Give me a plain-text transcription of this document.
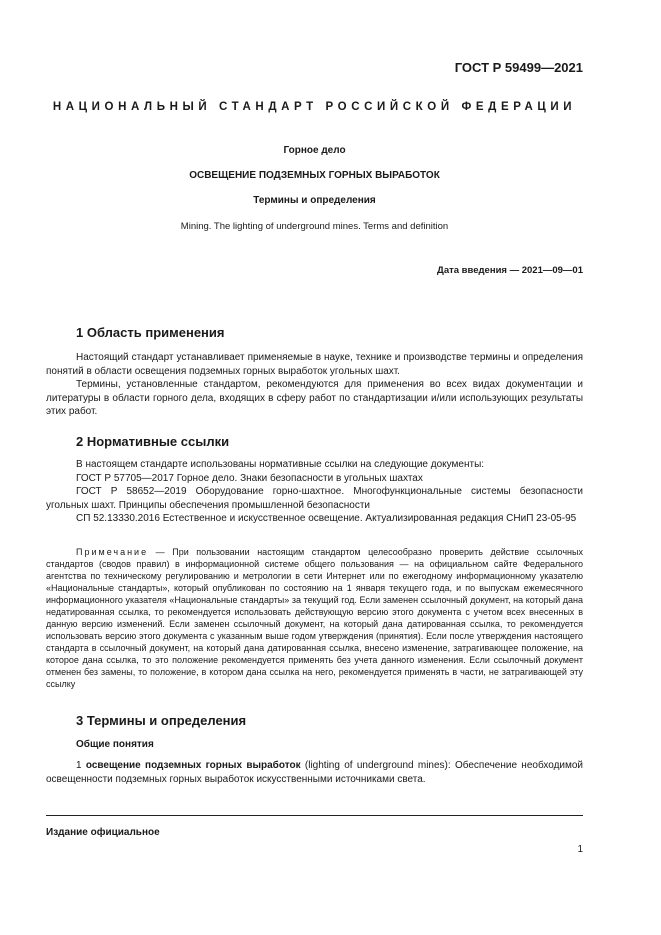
ГОСТ Р 59499—2021
НАЦИОНАЛЬНЫЙ СТАНДАРТ РОССИЙСКОЙ ФЕДЕРАЦИИ
Горное дело
ОСВЕЩЕНИЕ ПОДЗЕМНЫХ ГОРНЫХ ВЫРАБОТОК
Термины и определения
Mining. The lighting of underground mines. Terms and definition
Дата введения — 2021—09—01
1 Область применения

Настоящий стандарт устанавливает применяемые в науке, технике и производстве термины и определения понятий в области освещения подземных горных выработок угольных шахт.

Термины, установленные стандартом, рекомендуются для применения во всех видах документации и литературы в области горного дела, входящих в сферу работ по стандартизации и/или использующих результаты этих работ.

2 Нормативные ссылки

В настоящем стандарте использованы нормативные ссылки на следующие документы:

ГОСТ Р 57705—2017 Горное дело. Знаки безопасности в угольных шахтах

ГОСТ Р 58652—2019 Оборудование горно-шахтное. Многофункциональные системы безопасности угольных шахт. Принципы обеспечения промышленной безопасности

СП 52.13330.2016 Естественное и искусственное освещение. Актуализированная редакция СНиП 23-05-95

Примечание — При пользовании настоящим стандартом целесообразно проверить действие ссылочных стандартов (сводов правил) в информационной системе общего пользования — на официальном сайте Федерального агентства по техническому регулированию и метрологии в сети Интернет или по ежегодному информационному указателю «Национальные стандарты», который опубликован по состоянию на 1 января текущего года, и по выпускам ежемесячного информационного указателя «Национальные стандарты» за текущий год. Если заменен ссылочный документ, на который дана недатированная ссылка, то рекомендуется использовать действующую версию этого документа с учетом всех внесенных в данную версию изменений. Если заменен ссылочный документ, на который дана датированная ссылка, то рекомендуется использовать версию этого документа с указанным выше годом утверждения (принятия). Если после утверждения настоящего стандарта в ссылочный документ, на который дана датированная ссылка, внесено изменение, затрагивающее положение, на которое дана ссылка, то это положение рекомендуется применять без учета данного изменения. Если ссылочный документ отменен без замены, то положение, в котором дана ссылка на него, рекомендуется применять в части, не затрагивающей эту ссылку

3 Термины и определения
Общие понятия

1 освещение подземных горных выработок (lighting of underground mines): Обеспечение необходимой освещенности подземных горных выработок искусственными источниками света.

Издание официальное
1
